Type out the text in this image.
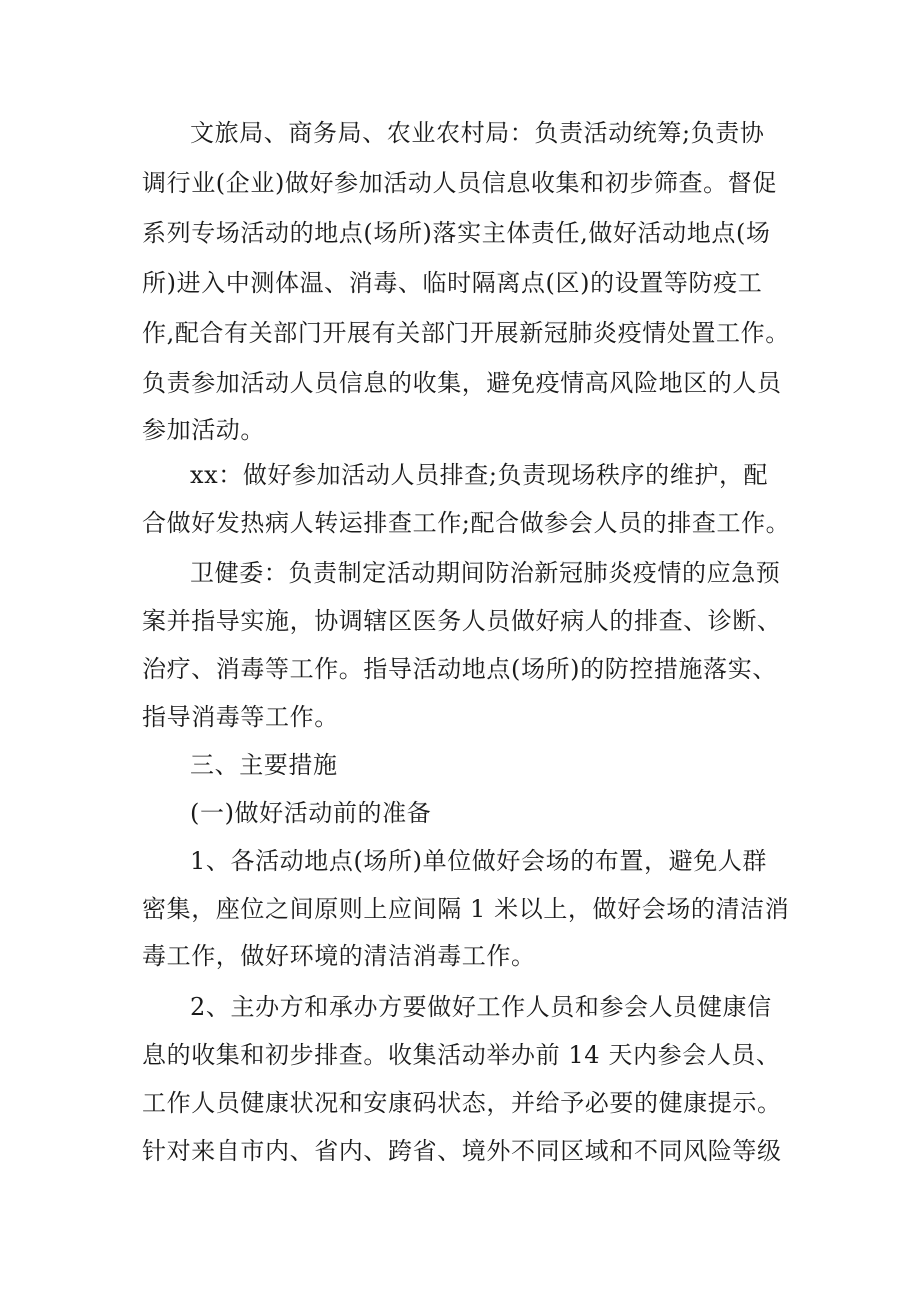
文旅局、商务局、农业农村局：负责活动统筹;负责协
调行业(企业)做好参加活动人员信息收集和初步筛查。督促
系列专场活动的地点(场所)落实主体责任,做好活动地点(场
所)进入中测体温、消毒、临时隔离点(区)的设置等防疫工
作,配合有关部门开展有关部门开展新冠肺炎疫情处置工作。
负责参加活动人员信息的收集，避免疫情高风险地区的人员
参加活动。
xx：做好参加活动人员排查;负责现场秩序的维护，配
合做好发热病人转运排查工作;配合做参会人员的排查工作。
卫健委：负责制定活动期间防治新冠肺炎疫情的应急预
案并指导实施，协调辖区医务人员做好病人的排查、诊断、
治疗、消毒等工作。指导活动地点(场所)的防控措施落实、
指导消毒等工作。
三、主要措施
(一)做好活动前的准备
1、各活动地点(场所)单位做好会场的布置，避免人群
密集，座位之间原则上应间隔 1 米以上，做好会场的清洁消
毒工作，做好环境的清洁消毒工作。
2、主办方和承办方要做好工作人员和参会人员健康信
息的收集和初步排查。收集活动举办前 14 天内参会人员、
工作人员健康状况和安康码状态，并给予必要的健康提示。
针对来自市内、省内、跨省、境外不同区域和不同风险等级
